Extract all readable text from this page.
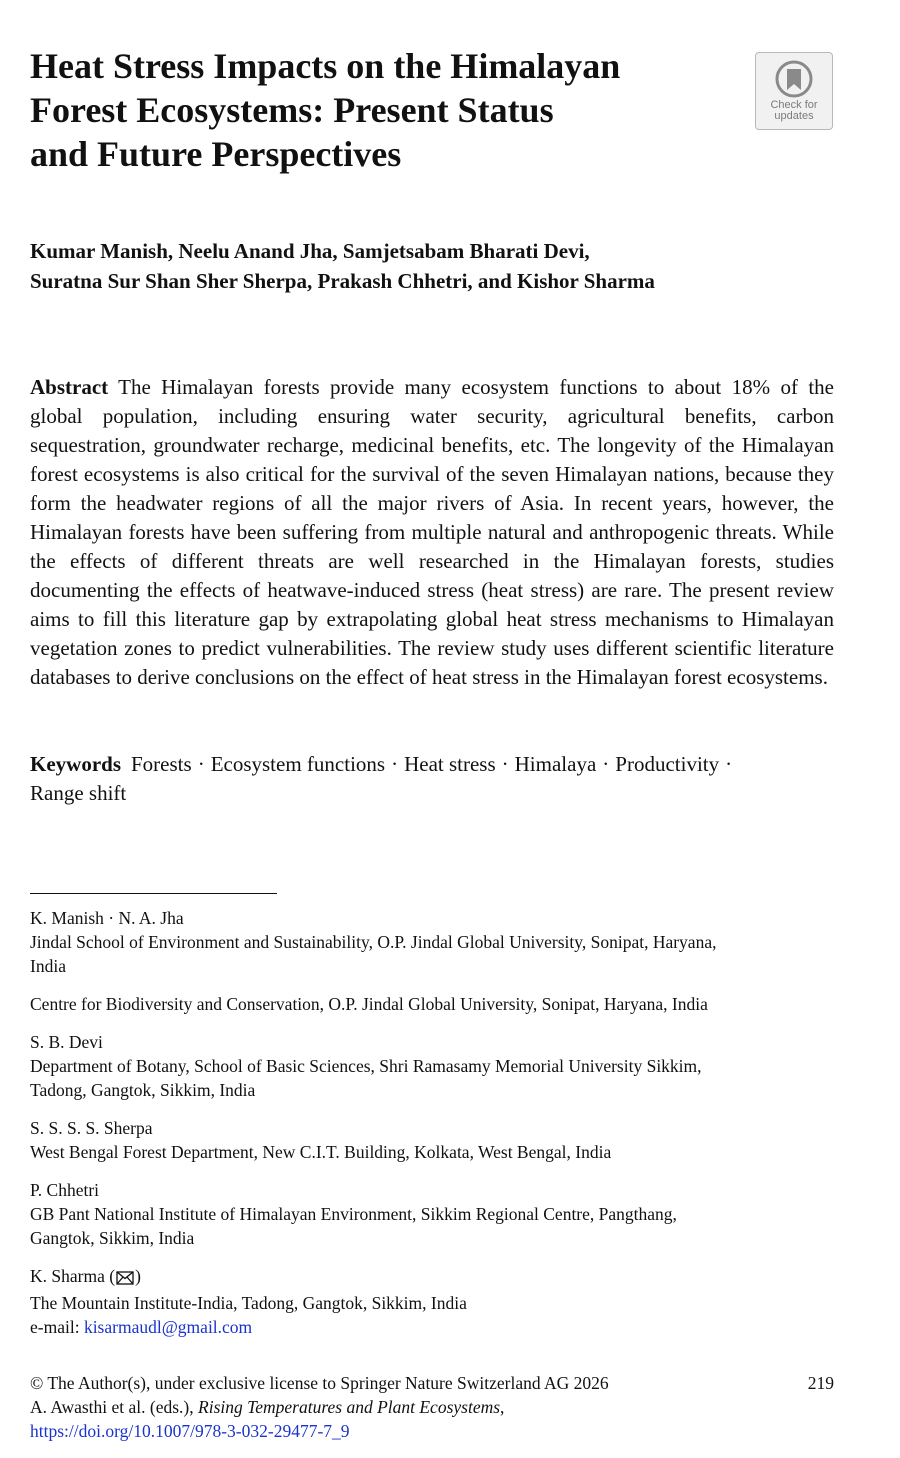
Heat Stress Impacts on the Himalayan
Forest Ecosystems: Present Status
and Future Perspectives
Check for
updates
Kumar Manish, Neelu Anand Jha, Samjetsabam Bharati Devi,
Suratna Sur Shan Sher Sherpa, Prakash Chhetri, and Kishor Sharma

Abstract The Himalayan forests provide many ecosystem functions to about 18% of the global population, including ensuring water security, agricultural benefits, carbon sequestration, groundwater recharge, medicinal benefits, etc. The longevity of the Himalayan forest ecosystems is also critical for the survival of the seven Himalayan nations, because they form the headwater regions of all the major rivers of Asia. In recent years, however, the Himalayan forests have been suffering from multiple natural and anthropogenic threats. While the effects of different threats are well researched in the Himalayan forests, studies documenting the effects of heatwave-induced stress (heat stress) are rare. The present review aims to fill this literature gap by extrapolating global heat stress mechanisms to Himalayan vegetation zones to predict vulnerabilities. The review study uses different scientific literature databases to derive conclusions on the effect of heat stress in the Himalayan forest ecosystems.

Keywords Forests · Ecosystem functions · Heat stress · Himalaya · Productivity ·
Range shift
K. Manish · N. A. Jha
Jindal School of Environment and Sustainability, O.P. Jindal Global University, Sonipat, Haryana,
India
Centre for Biodiversity and Conservation, O.P. Jindal Global University, Sonipat, Haryana, India
S. B. Devi
Department of Botany, School of Basic Sciences, Shri Ramasamy Memorial University Sikkim,
Tadong, Gangtok, Sikkim, India
S. S. S. S. Sherpa
West Bengal Forest Department, New C.I.T. Building, Kolkata, West Bengal, India
P. Chhetri
GB Pant National Institute of Himalayan Environment, Sikkim Regional Centre, Pangthang,
Gangtok, Sikkim, India
K. Sharma ( )
The Mountain Institute-India, Tadong, Gangtok, Sikkim, India
e-mail: kisarmaudl@gmail.com
© The Author(s), under exclusive license to Springer Nature Switzerland AG 2026	219
A. Awasthi et al. (eds.), Rising Temperatures and Plant Ecosystems,
https://doi.org/10.1007/978-3-032-29477-7_9
